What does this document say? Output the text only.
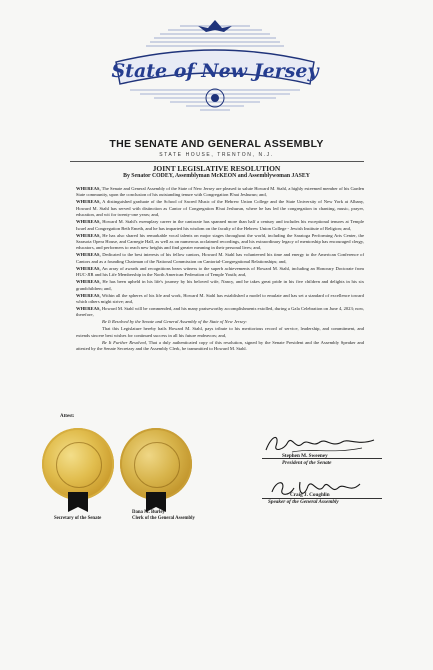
State of New Jersey
THE SENATE AND GENERAL ASSEMBLY
STATE HOUSE, TRENTON, N.J.
JOINT LEGISLATIVE RESOLUTION
By Senator CODEY, Assemblyman McKEON and Assemblywoman JASEY

WHEREAS, The Senate and General Assembly of the State of New Jersey are pleased to salute Howard M. Stahl, a highly esteemed member of his Garden State community, upon the conclusion of his outstanding tenure with Congregation B'nai Jeshurun; and,

WHEREAS, A distinguished graduate of the School of Sacred Music of the Hebrew Union College and the State University of New York at Albany, Howard M. Stahl has served with distinction as Cantor of Congregation B'nai Jeshurun, where he has led the congregation in chanting, music, prayer, education, and wit for twenty-one years; and,

WHEREAS, Howard M. Stahl's exemplary career in the cantorate has spanned more than half a century and includes his exceptional tenures at Temple Israel and Congregation Beth Emeth, and he has imparted his wisdom on the faculty of the Hebrew Union College - Jewish Institute of Religion; and,

WHEREAS, He has also shared his remarkable vocal talents on major stages throughout the world, including the Saratoga Performing Arts Center, the Sarasota Opera House, and Carnegie Hall, as well as on numerous acclaimed recordings, and his extraordinary legacy of mentorship has encouraged clergy, educators, and performers to reach new heights and find greater meaning in their personal lives; and,

WHEREAS, Dedicated to the best interests of his fellow cantors, Howard M. Stahl has volunteered his time and energy to the American Conference of Cantors and as a founding Chairman of the National Commission on Cantorial-Congregational Relationships; and,

WHEREAS, An array of awards and recognitions bears witness to the superb achievements of Howard M. Stahl, including an Honorary Doctorate from HUC-JIR and his Life Membership in the North American Federation of Temple Youth; and,

WHEREAS, He has been upheld in his life's journey by his beloved wife, Nancy, and he takes great pride in his five children and delights in his six grandchildren; and,

WHEREAS, Within all the spheres of his life and work, Howard M. Stahl has established a model to emulate and has set a standard of excellence toward which others might strive; and,

WHEREAS, Howard M. Stahl will be commended, and his many praiseworthy accomplishments extolled, during a Gala Celebration on June 4, 2023; now, therefore,

Be It Resolved by the Senate and General Assembly of the State of New Jersey:

That this Legislature hereby hails Howard M. Stahl, pays tribute to his meritorious record of service, leadership, and commitment, and extends sincere best wishes for continued success in all his future endeavors; and,

Be It Further Resolved, That a duly authenticated copy of this resolution, signed by the Senate President and the Assembly Speaker and attested by the Senate Secretary and the Assembly Clerk, be transmitted to Howard M. Stahl.

Attest:
Secretary of the Senate
Dana M. Burley
Clerk of the General Assembly
Stephen M. Sweeney
President of the Senate
Craig J. Coughlin
Speaker of the General Assembly
